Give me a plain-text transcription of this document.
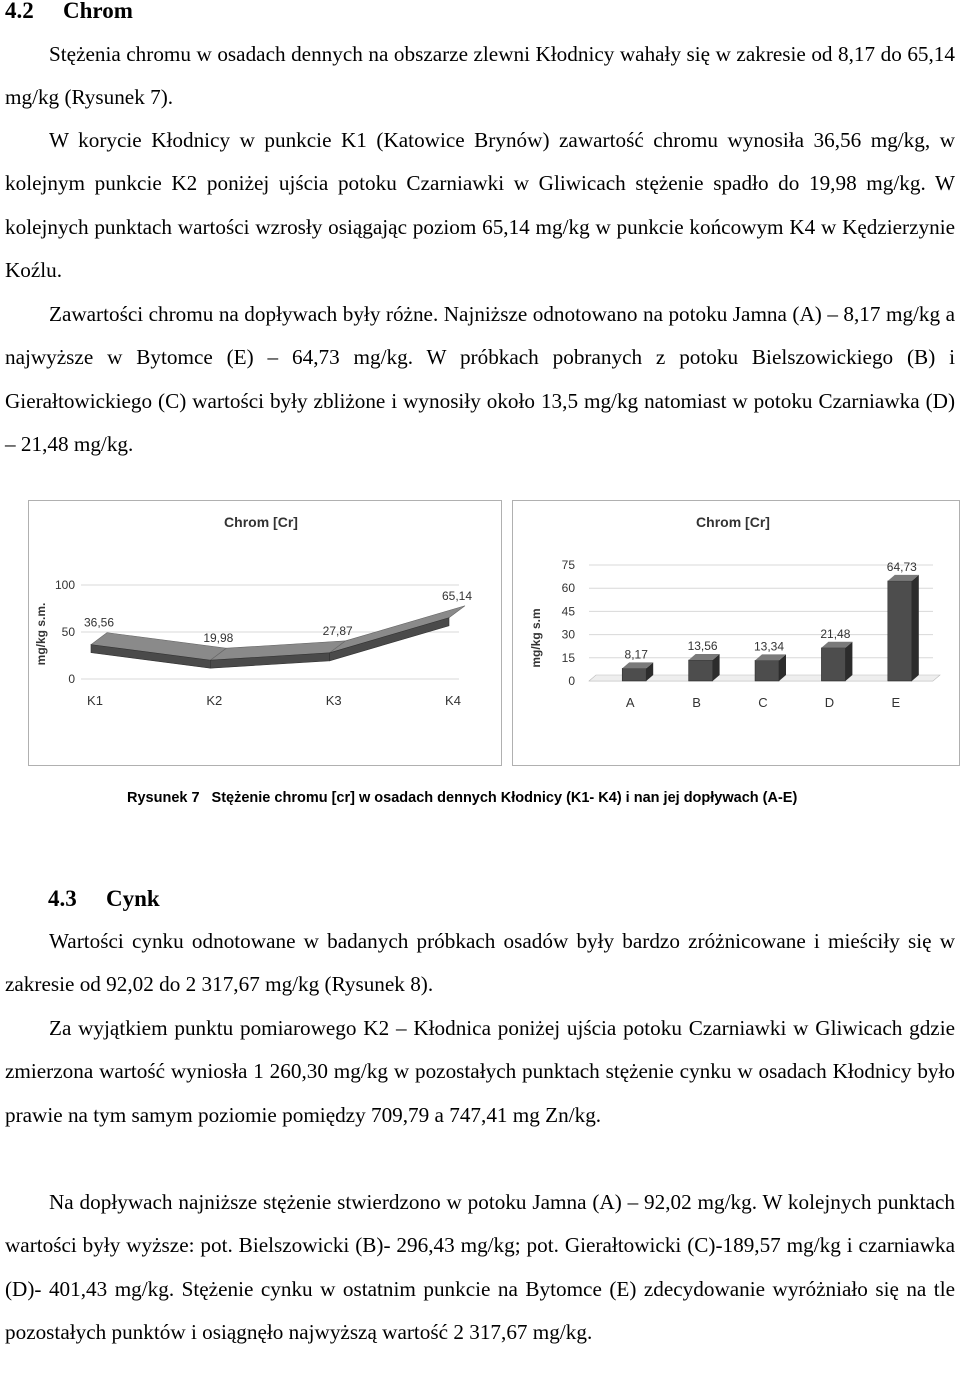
4.2 Chrom

Stężenia chromu w osadach dennych na obszarze zlewni Kłodnicy wahały się w zakresie od 8,17 do 65,14 mg/kg (Rysunek 7).

W korycie Kłodnicy w punkcie K1 (Katowice Brynów) zawartość chromu wynosiła 36,56 mg/kg, w kolejnym punkcie K2 poniżej ujścia potoku Czarniawki w Gliwicach stężenie spadło do 19,98 mg/kg. W kolejnych punktach wartości wzrosły osiągając poziom 65,14 mg/kg w punkcie końcowym K4 w Kędzierzynie Koźlu.

Zawartości chromu na dopływach były różne. Najniższe odnotowano na potoku Jamna (A) – 8,17 mg/kg a najwyższe w Bytomce (E) – 64,73 mg/kg. W próbkach pobranych z potoku Bielszowickiego (B) i Gierałtowickiego (C) wartości były zbliżone i wynosiły około 13,5 mg/kg natomiast w potoku Czarniawka (D) – 21,48 mg/kg.

Chrom [Cr]
mg/kg s.m.
0
50
100
36,56
19,98
27,87
65,14
K1	K2	K3	K4
Chrom [Cr]
mg/kg s.m
0
15
30
45
60
75
8,17
A
13,56
B
13,34
C
21,48
D
64,73
E
Rysunek 7 Stężenie chromu [cr] w osadach dennych Kłodnicy (K1- K4) i nan jej dopływach (A-E)
4.3 Cynk

Wartości cynku odnotowane w badanych próbkach osadów były bardzo zróżnicowane i mieściły się w zakresie od 92,02 do 2 317,67 mg/kg (Rysunek 8).

Za wyjątkiem punktu pomiarowego K2 – Kłodnica poniżej ujścia potoku Czarniawki w Gliwicach gdzie zmierzona wartość wyniosła 1 260,30 mg/kg w pozostałych punktach stężenie cynku w osadach Kłodnicy było prawie na tym samym poziomie pomiędzy 709,79 a 747,41 mg Zn/kg.

Na dopływach najniższe stężenie stwierdzono w potoku Jamna (A) – 92,02 mg/kg. W kolejnych punktach wartości były wyższe: pot. Bielszowicki (B)- 296,43 mg/kg; pot. Gierałtowicki (C)-189,57 mg/kg i czarniawka (D)- 401,43 mg/kg. Stężenie cynku w ostatnim punkcie na Bytomce (E) zdecydowanie wyróżniało się na tle pozostałych punktów i osiągnęło najwyższą wartość 2 317,67 mg/kg.
